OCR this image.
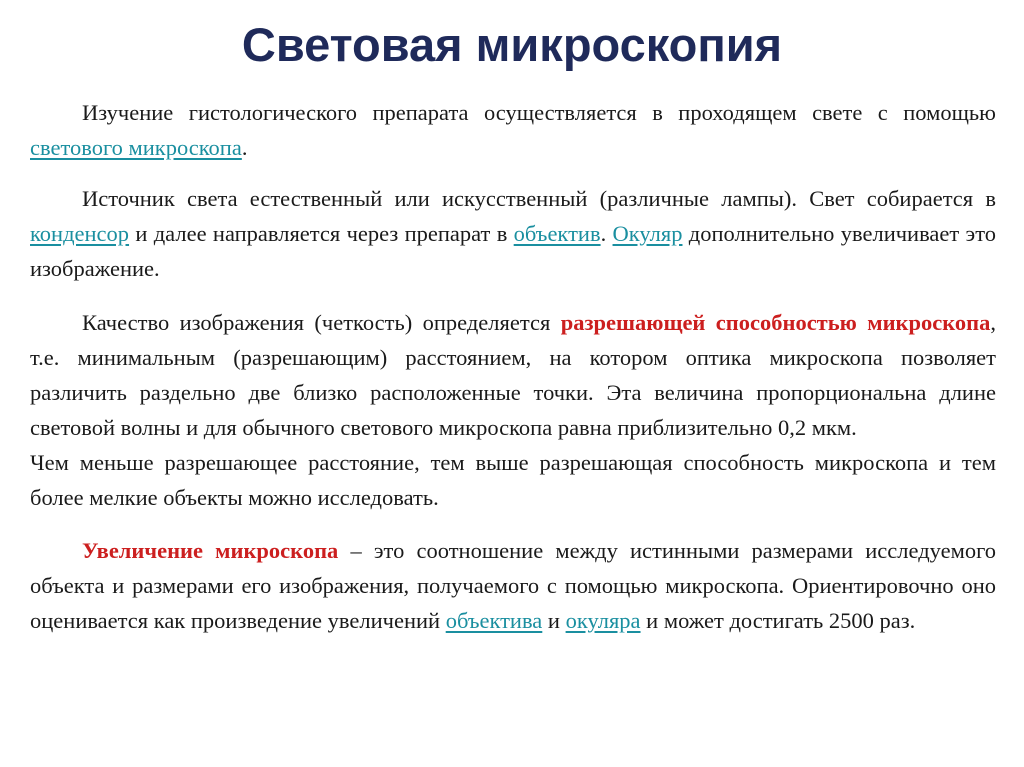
Световая микроскопия

Изучение гистологического препарата осуществляется в проходящем свете с помощью светового микроскопа.

Источник света естественный или искусственный (различные лампы). Свет собирается в конденсор и далее направляется через препарат в объектив. Окуляр дополнительно увеличивает это изображение.

Качество изображения (четкость) определяется разрешающей способностью микроскопа, т.е. минимальным (разрешающим) расстоянием, на котором оптика микроскопа позволяет различить раздельно две близко расположенные точки. Эта величина пропорциональна длине световой волны и для обычного светового микроскопа равна приблизительно 0,2 мкм.
Чем меньше разрешающее расстояние, тем выше разрешающая способность микроскопа и тем более мелкие объекты можно исследовать.

Увеличение микроскопа – это соотношение между истинными размерами исследуемого объекта и размерами его изображения, получаемого с помощью микроскопа. Ориентировочно оно оценивается как произведение увеличений объектива и окуляра и может достигать 2500 раз.
